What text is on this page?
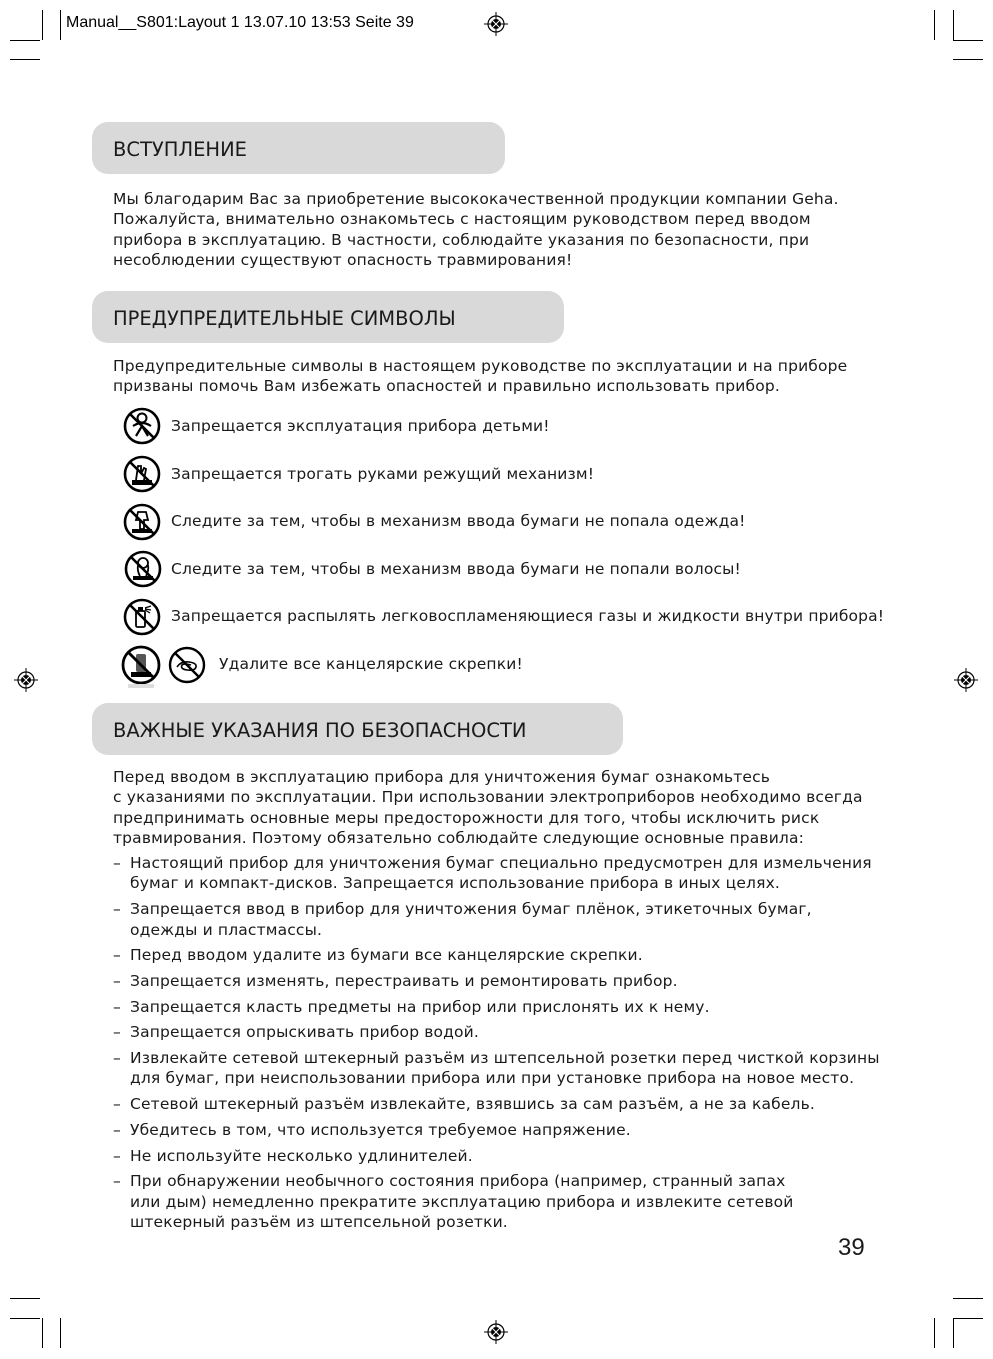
Manual__S801:Layout 1 13.07.10 13:53 Seite 39
ВСТУПЛЕНИЕ

Мы благодарим Вас за приобретение высококачественной продукции компании Geha.
Пожалуйста, внимательно ознакомьтесь с настоящим руководством перед вводом
прибора в эксплуатацию. В частности, соблюдайте указания по безопасности, при
несоблюдении существуют опасность травмирования!

ПРЕДУПРЕДИТЕЛЬНЫЕ СИМВОЛЫ

Предупредительные символы в настоящем руководстве по эксплуатации и на приборе
призваны помочь Вам избежать опасностей и правильно использовать прибор.

Запрещается эксплуатация прибора детьми!
Запрещается трогать руками режущий механизм!
Следите за тем, чтобы в механизм ввода бумаги не попала одежда!
Следите за тем, чтобы в механизм ввода бумаги не попали волосы!
Запрещается распылять легковоспламеняющиеся газы и жидкости внутри прибора!
Удалите все канцелярские скрепки!
ВАЖНЫЕ УКАЗАНИЯ ПО БЕЗОПАСНОСТИ

Перед вводом в эксплуатацию прибора для уничтожения бумаг ознакомьтесь
с указаниями по эксплуатации. При использовании электроприборов необходимо всегда
предпринимать основные меры предосторожности для того, чтобы исключить риск
травмирования. Поэтому обязательно соблюдайте следующие основные правила:

– Настоящий прибор для уничтожения бумаг специально предусмотрен для измельчения
бумаг и компакт-дисков. Запрещается использование прибора в иных целях.
– Запрещается ввод в прибор для уничтожения бумаг плёнок, этикеточных бумаг,
одежды и пластмассы.
– Перед вводом удалите из бумаги все канцелярские скрепки.
– Запрещается изменять, перестраивать и ремонтировать прибор.
– Запрещается класть предметы на прибор или прислонять их к нему.
– Запрещается опрыскивать прибор водой.
– Извлекайте сетевой штекерный разъём из штепсельной розетки перед чисткой корзины
для бумаг, при неиспользовании прибора или при установке прибора на новое место.
– Сетевой штекерный разъём извлекайте, взявшись за сам разъём, а не за кабель.
– Убедитесь в том, что используется требуемое напряжение.
– Не используйте несколько удлинителей.
– При обнаружении необычного состояния прибора (например, странный запах
или дым) немедленно прекратите эксплуатацию прибора и извлеките сетевой
штекерный разъём из штепсельной розетки.
39
